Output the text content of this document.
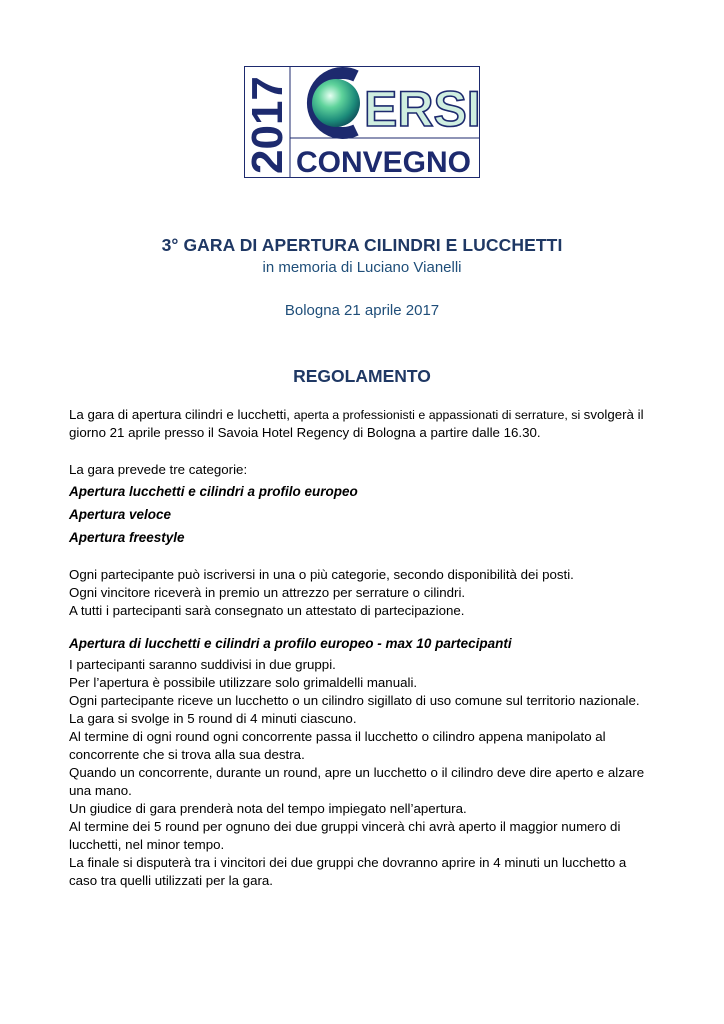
2017 ERSI
CONVEGNO
3° GARA DI APERTURA CILINDRI E LUCCHETTI
in memoria di Luciano Vianelli
Bologna 21 aprile 2017
REGOLAMENTO

La gara di apertura cilindri e lucchetti, aperta a professionisti e appassionati di serrature, si svolgerà il giorno 21 aprile presso il Savoia Hotel Regency di Bologna a partire dalle 16.30.

La gara prevede tre categorie:

Apertura lucchetti e cilindri a profilo europeo

Apertura veloce

Apertura freestyle

Ogni partecipante può iscriversi in una o più categorie, secondo disponibilità dei posti.
Ogni vincitore riceverà in premio un attrezzo per serrature o cilindri.
A tutti i partecipanti sarà consegnato un attestato di partecipazione.

Apertura di lucchetti e cilindri a profilo europeo - max 10 partecipanti

I partecipanti saranno suddivisi in due gruppi.
Per l’apertura è possibile utilizzare solo grimaldelli manuali.
Ogni partecipante riceve un lucchetto o un cilindro sigillato di uso comune sul territorio nazionale.
La gara si svolge in 5 round di 4 minuti ciascuno.
Al termine di ogni round ogni concorrente passa il lucchetto o cilindro appena manipolato al
concorrente che si trova alla sua destra.
Quando un concorrente, durante un round, apre un lucchetto o il cilindro deve dire aperto e alzare
una mano.
Un giudice di gara prenderà nota del tempo impiegato nell’apertura.
Al termine dei 5 round per ognuno dei due gruppi vincerà chi avrà aperto il maggior numero di
lucchetti, nel minor tempo.
La finale si disputerà tra i vincitori dei due gruppi che dovranno aprire in 4 minuti un lucchetto a
caso tra quelli utilizzati per la gara.
